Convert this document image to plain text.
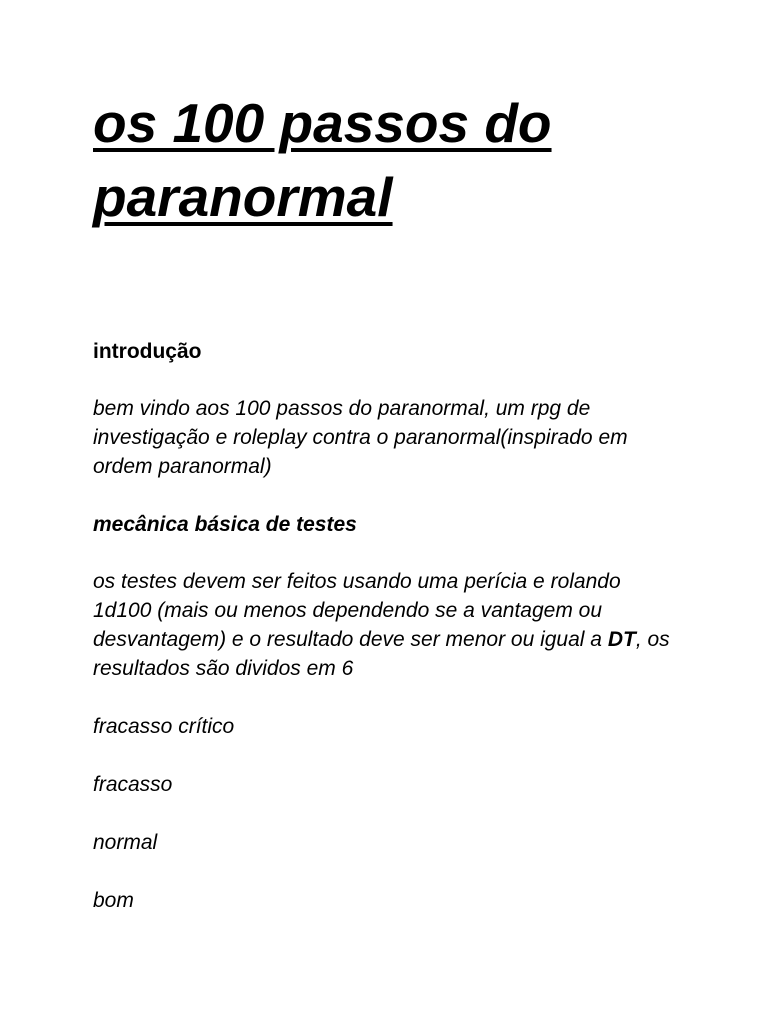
os 100 passos do paranormal

introdução

bem vindo aos 100 passos do paranormal, um rpg de investigação e roleplay contra o paranormal(inspirado em ordem paranormal)

mecânica básica de testes

os testes devem ser feitos usando uma perícia e rolando 1d100 (mais ou menos dependendo se a vantagem ou desvantagem) e o resultado deve ser menor ou igual a DT, os resultados são dividos em 6

fracasso crítico

fracasso

normal

bom
